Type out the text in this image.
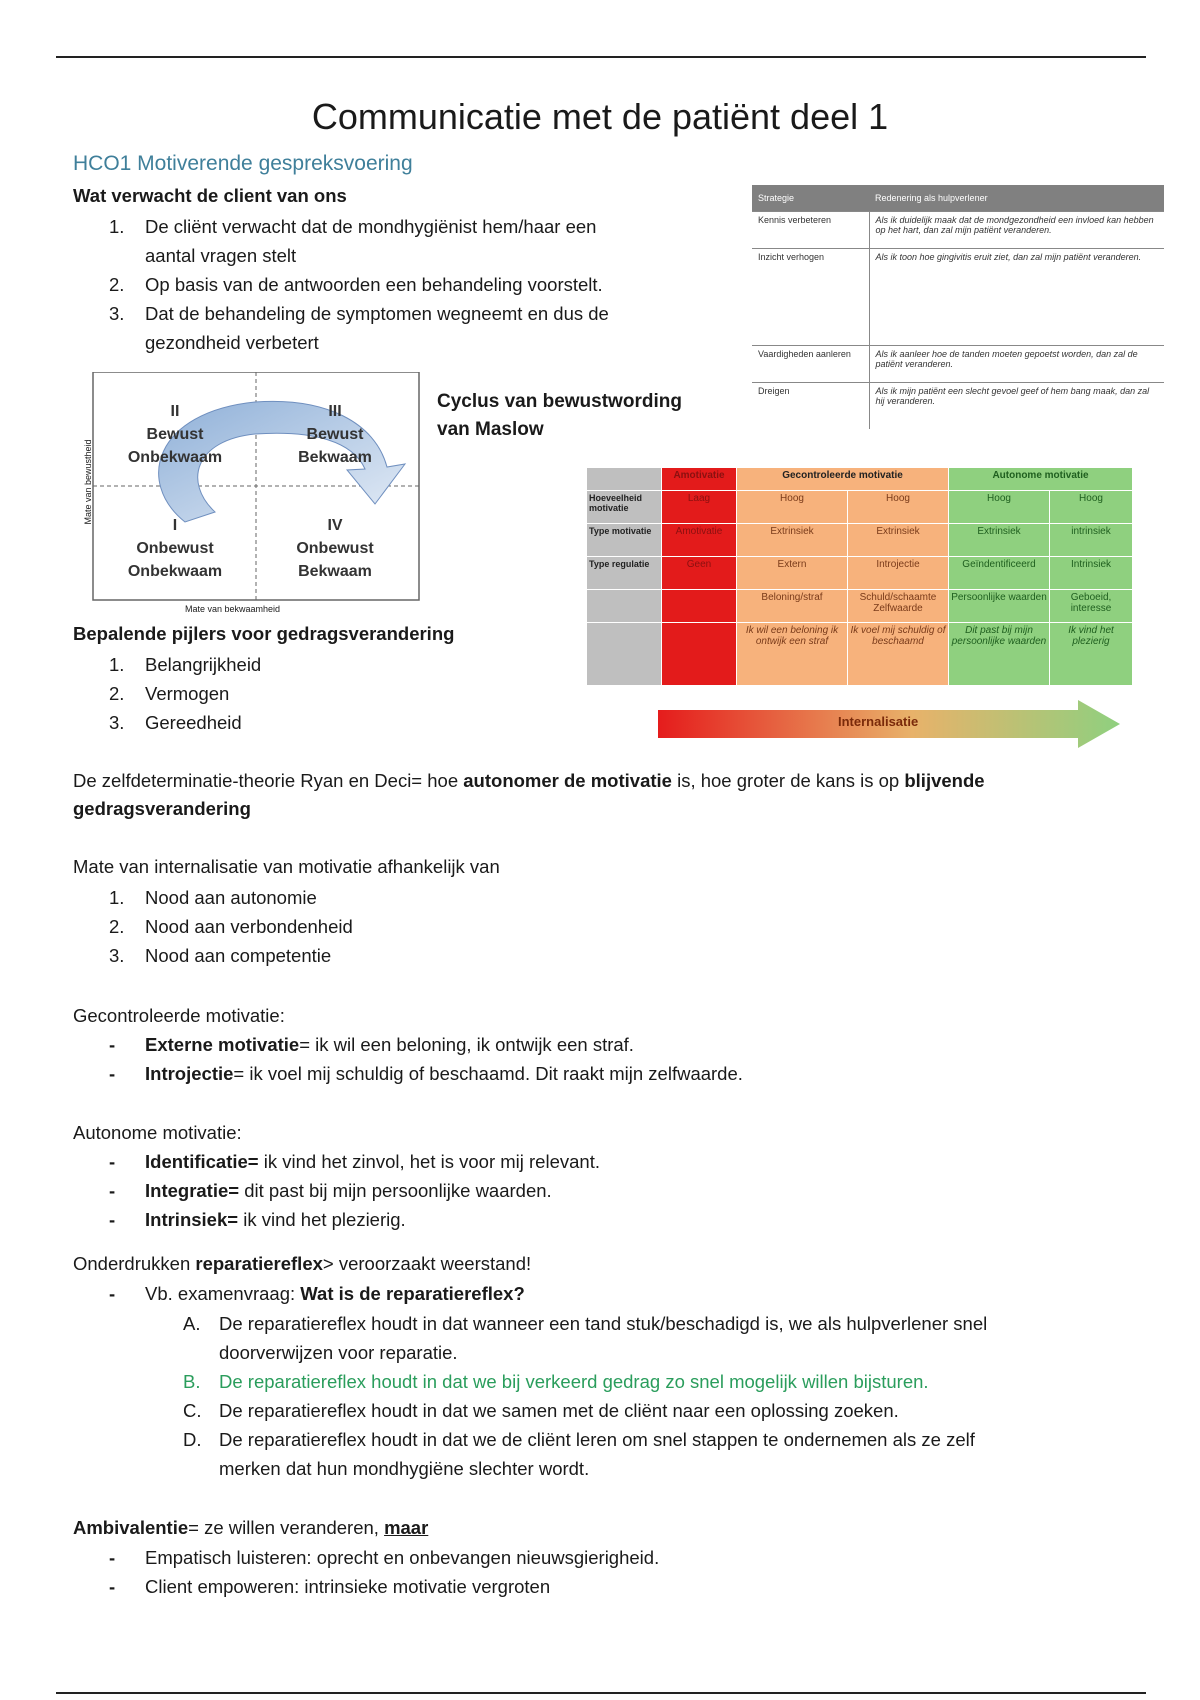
Communicatie met de patiënt deel 1
HCO1 Motiverende gespreksvoering
Wat verwacht de client van ons
1. De cliënt verwacht dat de mondhygiënist hem/haar een
aantal vragen stelt
2. Op basis van de antwoorden een behandeling voorstelt.
3. Dat de behandeling de symptomen wegneemt en dus de
gezondheid verbetert
Strategie	Redenering als hulpverlener
Kennis verbeteren	Als ik duidelijk maak dat de mondgezondheid een invloed kan hebben op het hart, dan zal mijn patiënt veranderen.
Inzicht verhogen	Als ik toon hoe gingivitis eruit ziet, dan zal mijn patiënt veranderen.
Vaardigheden aanleren	Als ik aanleer hoe de tanden moeten gepoetst worden, dan zal de patiënt veranderen.
Dreigen	Als ik mijn patiënt een slecht gevoel geef of hem bang maak, dan zal hij veranderen.
Mate van bewustheid
Mate van bekwaamheid
II
Bewust
Onbekwaam
III
Bewust
Bekwaam
I
Onbewust
Onbekwaam
IV
Onbewust
Bekwaam
Cyclus van bewustwording
van Maslow
	Amotivatie	Gecontroleerde motivatie		Autonome motivatie	
Hoeveelheid motivatie	Laag	Hoog	Hoog	Hoog	Hoog
Type motivatie	Amotivatie	Extrinsiek	Extrinsiek	Extrinsiek	intrinsiek
Type regulatie	Geen	Extern	Introjectie	Geïndentificeerd	Intrinsiek
		Beloning/straf	Schuld/schaamte Zelfwaarde	Persoonlijke waarden	Geboeid, interesse
		Ik wil een beloning ik ontwijk een straf	Ik voel mij schuldig of beschaamd	Dit past bij mijn persoonlijke waarden	Ik vind het plezierig
Internalisatie
Bepalende pijlers voor gedragsverandering
1. Belangrijkheid
2. Vermogen
3. Gereedheid
De zelfdeterminatie-theorie Ryan en Deci= hoe autonomer de motivatie is, hoe groter de kans is op blijvende
gedragsverandering
Mate van internalisatie van motivatie afhankelijk van
1. Nood aan autonomie
2. Nood aan verbondenheid
3. Nood aan competentie
Gecontroleerde motivatie:
- Externe motivatie= ik wil een beloning, ik ontwijk een straf.
- Introjectie= ik voel mij schuldig of beschaamd. Dit raakt mijn zelfwaarde.
Autonome motivatie:
- Identificatie= ik vind het zinvol, het is voor mij relevant.
- Integratie= dit past bij mijn persoonlijke waarden.
- Intrinsiek= ik vind het plezierig.
Onderdrukken reparatiereflex> veroorzaakt weerstand!
- Vb. examenvraag: Wat is de reparatiereflex?
A. De reparatiereflex houdt in dat wanneer een tand stuk/beschadigd is, we als hulpverlener snel
doorverwijzen voor reparatie.
B. De reparatiereflex houdt in dat we bij verkeerd gedrag zo snel mogelijk willen bijsturen.
C. De reparatiereflex houdt in dat we samen met de cliënt naar een oplossing zoeken.
D. De reparatiereflex houdt in dat we de cliënt leren om snel stappen te ondernemen als ze zelf
merken dat hun mondhygiëne slechter wordt.
Ambivalentie= ze willen veranderen, maar
- Empatisch luisteren: oprecht en onbevangen nieuwsgierigheid.
- Client empoweren: intrinsieke motivatie vergroten
